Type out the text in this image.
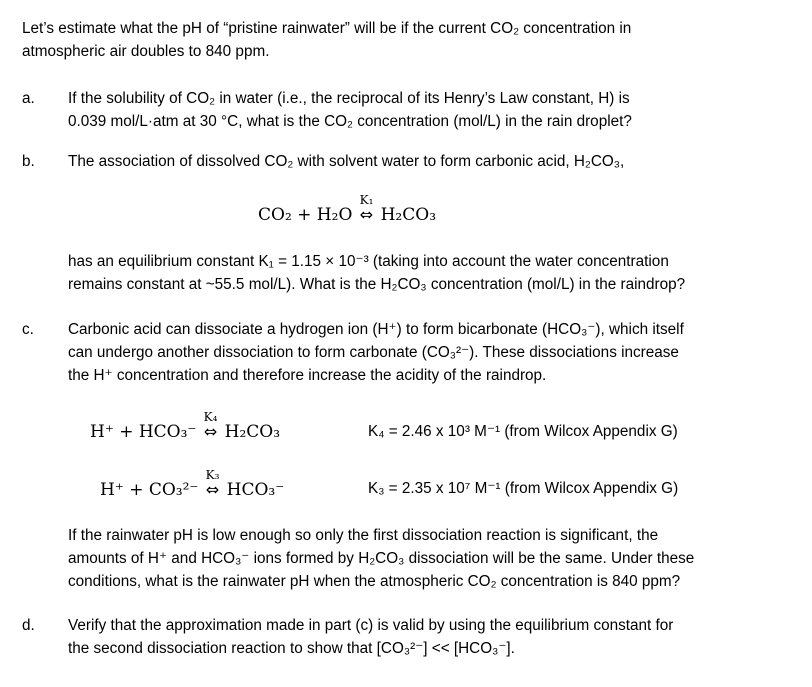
Let’s estimate what the pH of “pristine rainwater” will be if the current CO₂ concentration in
atmospheric air doubles to 840 ppm.
a. If the solubility of CO₂ in water (i.e., the reciprocal of its Henry’s Law constant, H) is
0.039 mol/L·atm at 30 °C, what is the CO₂ concentration (mol/L) in the rain droplet?
b. The association of dissolved CO₂ with solvent water to form carbonic acid, H₂CO₃,
CO₂ + H₂O ⇔
K₁
H₂CO₃
has an equilibrium constant K₁ = 1.15 × 10⁻³ (taking into account the water concentration
remains constant at ~55.5 mol/L). What is the H₂CO₃ concentration (mol/L) in the raindrop?
c. Carbonic acid can dissociate a hydrogen ion (H⁺) to form bicarbonate (HCO₃⁻), which itself
can undergo another dissociation to form carbonate (CO₃²⁻). These dissociations increase
the H⁺ concentration and therefore increase the acidity of the raindrop.
H⁺ + HCO₃⁻ ⇔
K₄
H₂CO₃	K₄ = 2.46 x 10³ M⁻¹ (from Wilcox Appendix G)
H⁺ + CO₃²⁻ ⇔
K₃
HCO₃⁻	K₃ = 2.35 x 10⁷ M⁻¹ (from Wilcox Appendix G)
If the rainwater pH is low enough so only the first dissociation reaction is significant, the
amounts of H⁺ and HCO₃⁻ ions formed by H₂CO₃ dissociation will be the same. Under these
conditions, what is the rainwater pH when the atmospheric CO₂ concentration is 840 ppm?
d. Verify that the approximation made in part (c) is valid by using the equilibrium constant for
the second dissociation reaction to show that [CO₃²⁻] << [HCO₃⁻].
